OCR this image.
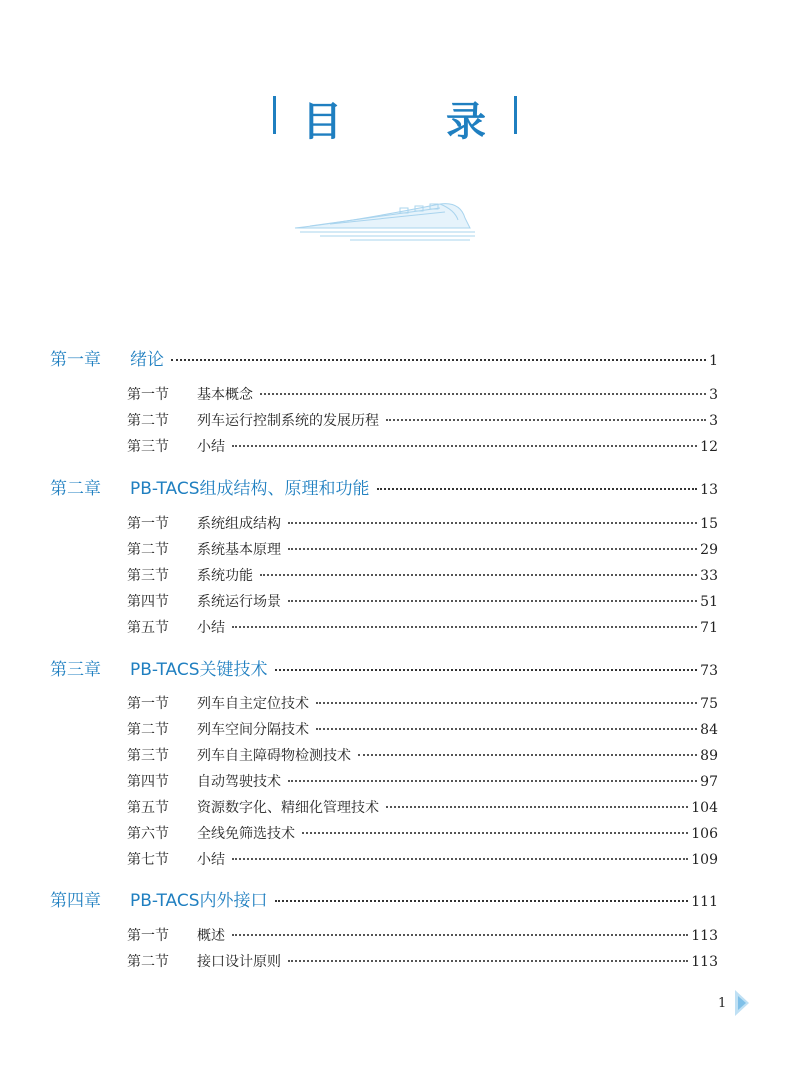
目	录
第一章	绪论	1
第一节	基本概念	3
第二节	列车运行控制系统的发展历程	3
第三节	小结	12
第二章	PB-TACS组成结构、原理和功能	13
第一节	系统组成结构	15
第二节	系统基本原理	29
第三节	系统功能	33
第四节	系统运行场景	51
第五节	小结	71
第三章	PB-TACS关键技术	73
第一节	列车自主定位技术	75
第二节	列车空间分隔技术	84
第三节	列车自主障碍物检测技术	89
第四节	自动驾驶技术	97
第五节	资源数字化、精细化管理技术	104
第六节	全线免筛选技术	106
第七节	小结	109
第四章	PB-TACS内外接口	111
第一节	概述	113
第二节	接口设计原则	113
1
